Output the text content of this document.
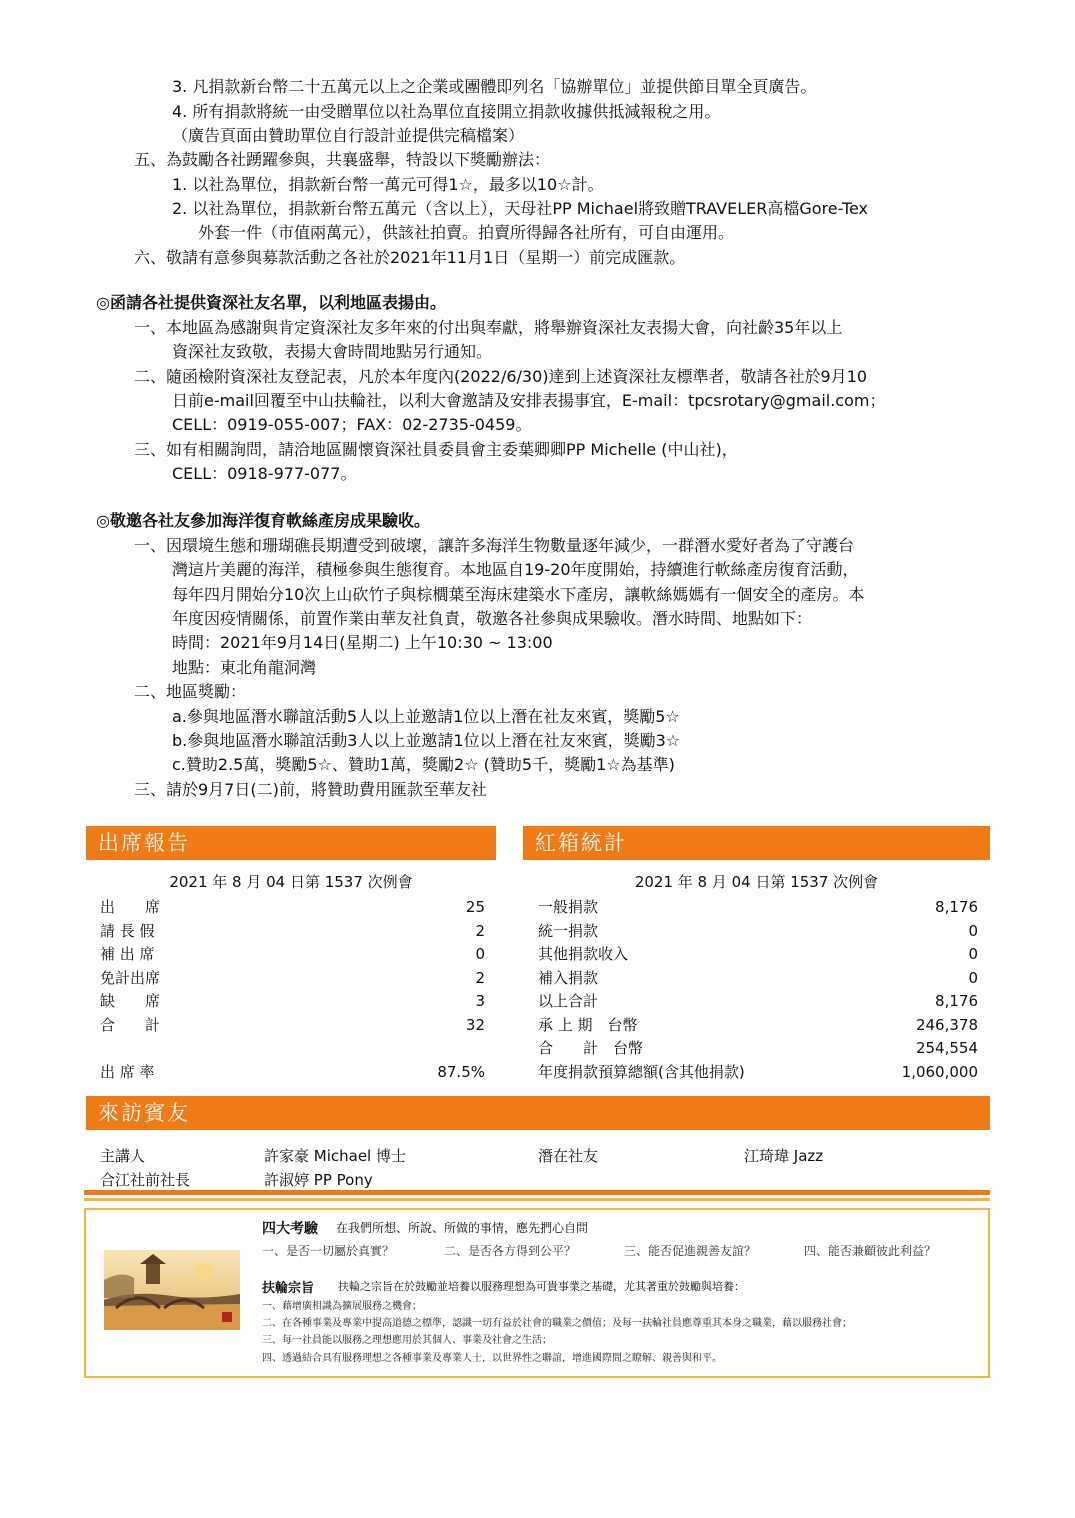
3. 凡捐款新台幣二十五萬元以上之企業或團體即列名「協辦單位」並提供節目單全頁廣告。
4. 所有捐款將統一由受贈單位以社為單位直接開立捐款收據供抵減報稅之用。
（廣告頁面由贊助單位自行設計並提供完稿檔案）
五、為鼓勵各社踴躍參與，共襄盛舉，特設以下獎勵辦法：
1. 以社為單位，捐款新台幣一萬元可得1☆，最多以10☆計。
2. 以社為單位，捐款新台幣五萬元（含以上），天母社PP Michael將致贈TRAVELER高檔Gore-Tex
外套一件（市值兩萬元），供該社拍賣。拍賣所得歸各社所有，可自由運用。
六、敬請有意參與募款活動之各社於2021年11月1日（星期一）前完成匯款。
◎函請各社提供資深社友名單，以利地區表揚由。
一、本地區為感謝與肯定資深社友多年來的付出與奉獻，將舉辦資深社友表揚大會，向社齡35年以上
資深社友致敬，表揚大會時間地點另行通知。
二、隨函檢附資深社友登記表，凡於本年度內(2022/6/30)達到上述資深社友標準者，敬請各社於9月10
日前e-mail回覆至中山扶輪社，以利大會邀請及安排表揚事宜，E-mail：tpcsrotary@gmail.com；
CELL：0919-055-007；FAX：02-2735-0459。
三、如有相關詢問，請洽地區關懷資深社員委員會主委葉卿卿PP Michelle (中山社)，
CELL：0918-977-077。
◎敬邀各社友參加海洋復育軟絲產房成果驗收。
一、因環境生態和珊瑚礁長期遭受到破壞，讓許多海洋生物數量逐年減少，一群潛水愛好者為了守護台
灣這片美麗的海洋，積極參與生態復育。本地區自19-20年度開始，持續進行軟絲產房復育活動，
每年四月開始分10次上山砍竹子與棕櫚葉至海床建築水下產房，讓軟絲媽媽有一個安全的產房。本
年度因疫情關係，前置作業由華友社負責，敬邀各社參與成果驗收。潛水時間、地點如下：
時間：2021年9月14日(星期二) 上午10:30 ~ 13:00
地點：東北角龍洞灣
二、地區獎勵：
a.參與地區潛水聯誼活動5人以上並邀請1位以上潛在社友來賓，獎勵5☆
b.參與地區潛水聯誼活動3人以上並邀請1位以上潛在社友來賓，獎勵3☆
c.贊助2.5萬，獎勵5☆、贊助1萬，獎勵2☆ (贊助5千，獎勵1☆為基準)
三、請於9月7日(二)前，將贊助費用匯款至華友社
出席報告
2021 年 8 月 04 日第 1537 次例會
出　　席	25
請 長 假	2
補 出 席	0
免計出席	2
缺　　席	3
合　　計	32
出 席 率	87.5%
紅箱統計
2021 年 8 月 04 日第 1537 次例會
一般捐款	8,176
統一捐款	0
其他捐款收入	0
補入捐款	0
以上合計	8,176
承 上 期　台幣	246,378
合　　計　台幣	254,554
年度捐款預算總額(含其他捐款)	1,060,000
來訪賓友
主講人	許家豪 Michael 博士	潛在社友	江琦瑋 Jazz
合江社前社長	許淑婷 PP Pony
四大考驗 在我們所想、所說、所做的事情，應先捫心自問
一、是否一切屬於真實？	二、是否各方得到公平？	三、能否促進親善友誼？	四、能否兼顧彼此利益？
扶輪宗旨 扶輪之宗旨在於鼓勵並培養以服務理想為可貴事業之基礎，尤其著重於鼓勵與培養：
一、藉增廣相識為擴展服務之機會；
二、在各種事業及專業中提高道德之標準，認識一切有益於社會的職業之價值；及每一扶輪社員應尊重其本身之職業，藉以服務社會；
三、每一社員能以服務之理想應用於其個人、事業及社會之生活；
四、透過結合具有服務理想之各種事業及專業人士，以世界性之聯誼，增進國際間之瞭解、親善與和平。
